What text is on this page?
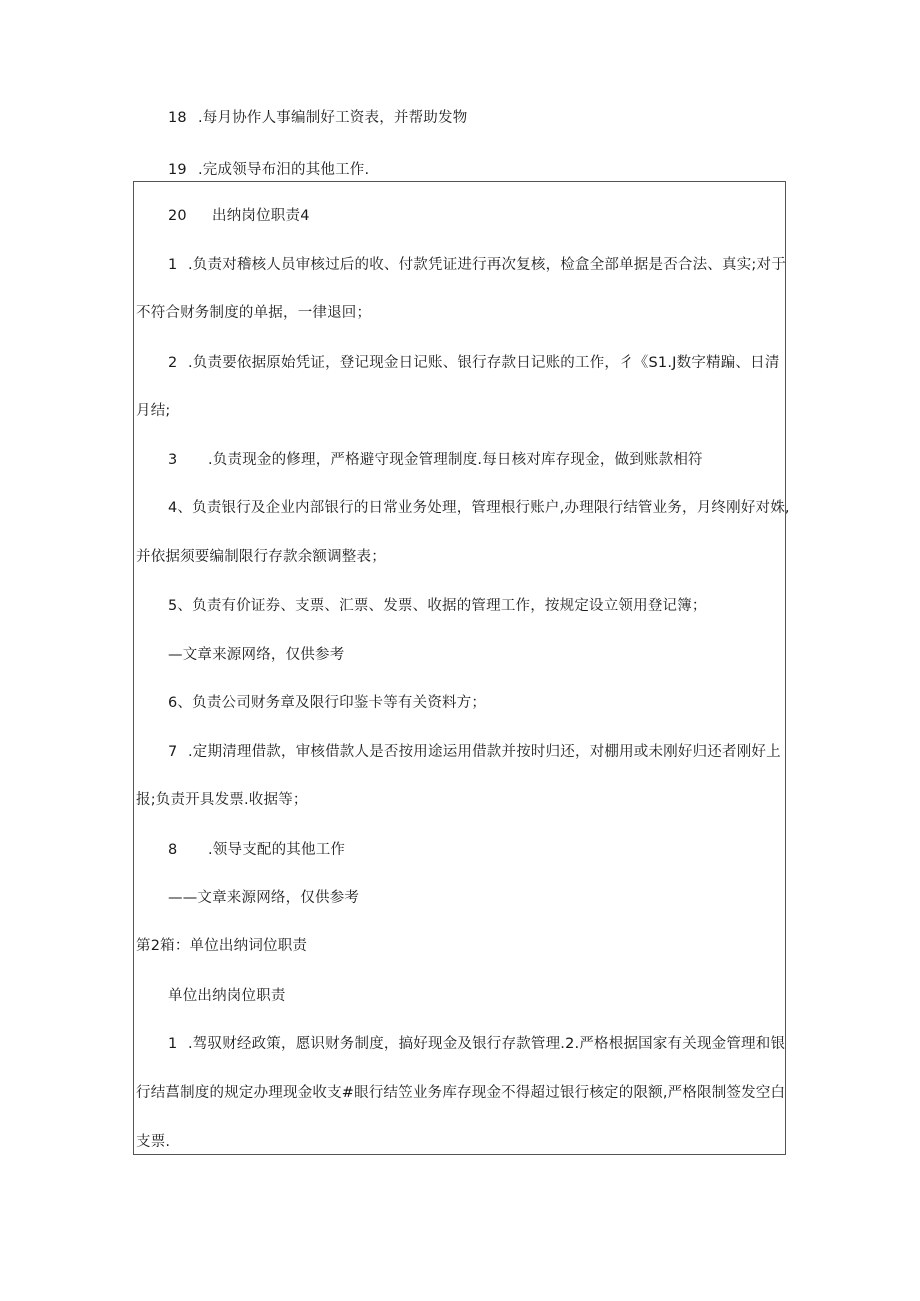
18 .每月协作人事编制好工资表，并帮助发物
19 .完成领导布汨的其他工作.
20 出纳岗位职责4
1 .负责对稽核人员审核过后的收、付款凭证进行再次复核，检盒全部单据是否合法、真实;对于
不符合财务制度的单据，一律退回；
2 .负责要依据原始凭证，登记现金日记账、银行存款日记账的工作，彳《S1.J数字精蹁、日清
月结;
3 .负责现金的修理，严格避守现金管理制度.每日核对库存现金，做到账款相符
4、负责银行及企业内部银行的日常业务处理，管理根行账户,办理限行结管业务，月终刚好对姝,
并依据须要编制限行存款余额调整表；
5、负责有价证券、支票、汇票、发票、收据的管理工作，按规定设立领用登记簿；
—文章来源网络，仅供参考
6、负责公司财务章及限行印鉴卡等有关资料方；
7 .定期清理借款，审核借款人是否按用途运用借款并按时归还，对棚用或未刚好归还者刚好上
报;负责开具发票.收据等；
8 .领导支配的其他工作
——文章来源网络，仅供参考
第2箱：单位出纳词位职责
单位出纳岗位职责
1 .驾驭财经政策，愿识财务制度，搞好现金及银行存款管理.2.严格根据国家有关现金管理和银
行结菖制度的规定办理现金收支#眼行结笠业务库存现金不得超过银行核定的限额,严格限制签发空白
支票.
